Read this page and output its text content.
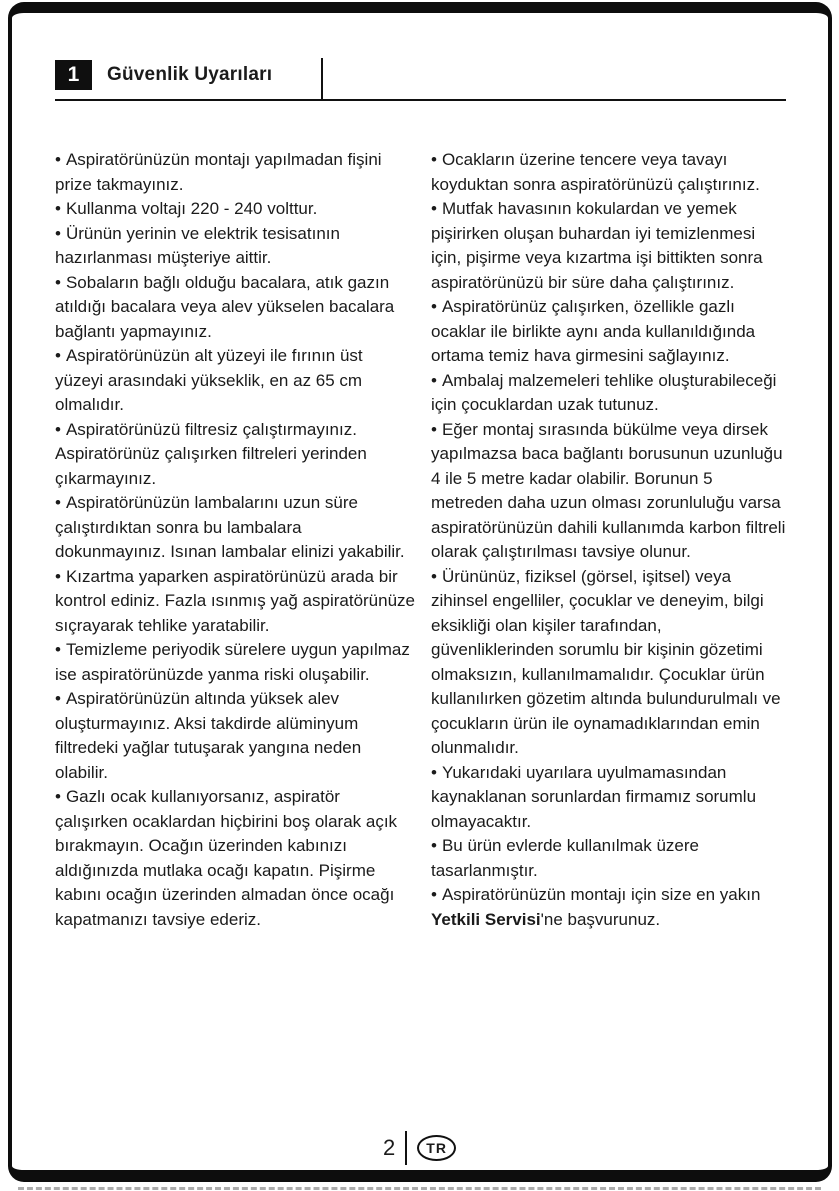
1 Güvenlik Uyarıları

• Aspiratörünüzün montajı yapılmadan fişini prize takmayınız.

• Kullanma voltajı 220 - 240 volttur.

• Ürünün yerinin ve elektrik tesisatının hazırlanması müşteriye aittir.

• Sobaların bağlı olduğu bacalara, atık gazın atıldığı bacalara veya alev yükselen bacalara bağlantı yapmayınız.

• Aspiratörünüzün alt yüzeyi ile fırının üst yüzeyi arasındaki yükseklik, en az 65 cm olmalıdır.

• Aspiratörünüzü filtresiz çalıştırmayınız. Aspiratörünüz çalışırken filtreleri yerinden çıkarmayınız.

• Aspiratörünüzün lambalarını uzun süre çalıştırdıktan sonra bu lambalara dokunmayınız. Isınan lambalar elinizi yakabilir.

• Kızartma yaparken aspiratörünüzü arada bir kontrol ediniz. Fazla ısınmış yağ aspiratörünüze sıçrayarak tehlike yaratabilir.

• Temizleme periyodik sürelere uygun yapılmaz ise aspiratörünüzde yanma riski oluşabilir.

• Aspiratörünüzün altında yüksek alev oluşturmayınız. Aksi takdirde alüminyum filtredeki yağlar tutuşarak yangına neden olabilir.

• Gazlı ocak kullanıyorsanız, aspiratör çalışırken ocaklardan hiçbirini boş olarak açık bırakmayın. Ocağın üzerinden kabınızı aldığınızda mutlaka ocağı kapatın. Pişirme kabını ocağın üzerinden almadan önce ocağı kapatmanızı tavsiye ederiz.

• Ocakların üzerine tencere veya tavayı koyduktan sonra aspiratörünüzü çalıştırınız.

• Mutfak havasının kokulardan ve yemek pişirirken oluşan buhardan iyi temizlenmesi için, pişirme veya kızartma işi bittikten sonra aspiratörünüzü bir süre daha çalıştırınız.

• Aspiratörünüz çalışırken, özellikle gazlı ocaklar ile birlikte aynı anda kullanıldığında ortama temiz hava girmesini sağlayınız.

• Ambalaj malzemeleri tehlike oluşturabileceği için çocuklardan uzak tutunuz.

• Eğer montaj sırasında bükülme veya dirsek yapılmazsa baca bağlantı borusunun uzunluğu 4 ile 5 metre kadar olabilir. Borunun 5 metreden daha uzun olması zorunluluğu varsa aspiratörünüzün dahili kullanımda karbon filtreli olarak çalıştırılması tavsiye olunur.

• Ürününüz, fiziksel (görsel, işitsel) veya zihinsel engelliler, çocuklar ve deneyim, bilgi eksikliği olan kişiler tarafından, güvenliklerinden sorumlu bir kişinin gözetimi olmaksızın, kullanılmamalıdır. Çocuklar ürün kullanılırken gözetim altında bulundurulmalı ve çocukların ürün ile oynamadıklarından emin olunmalıdır.

• Yukarıdaki uyarılara uyulmamasından kaynaklanan sorunlardan firmamız sorumlu olmayacaktır.

• Bu ürün evlerde kullanılmak üzere tasarlanmıştır.

• Aspiratörünüzün montajı için size en yakın          Yetkili Servisi'ne başvurunuz.

2	TR
